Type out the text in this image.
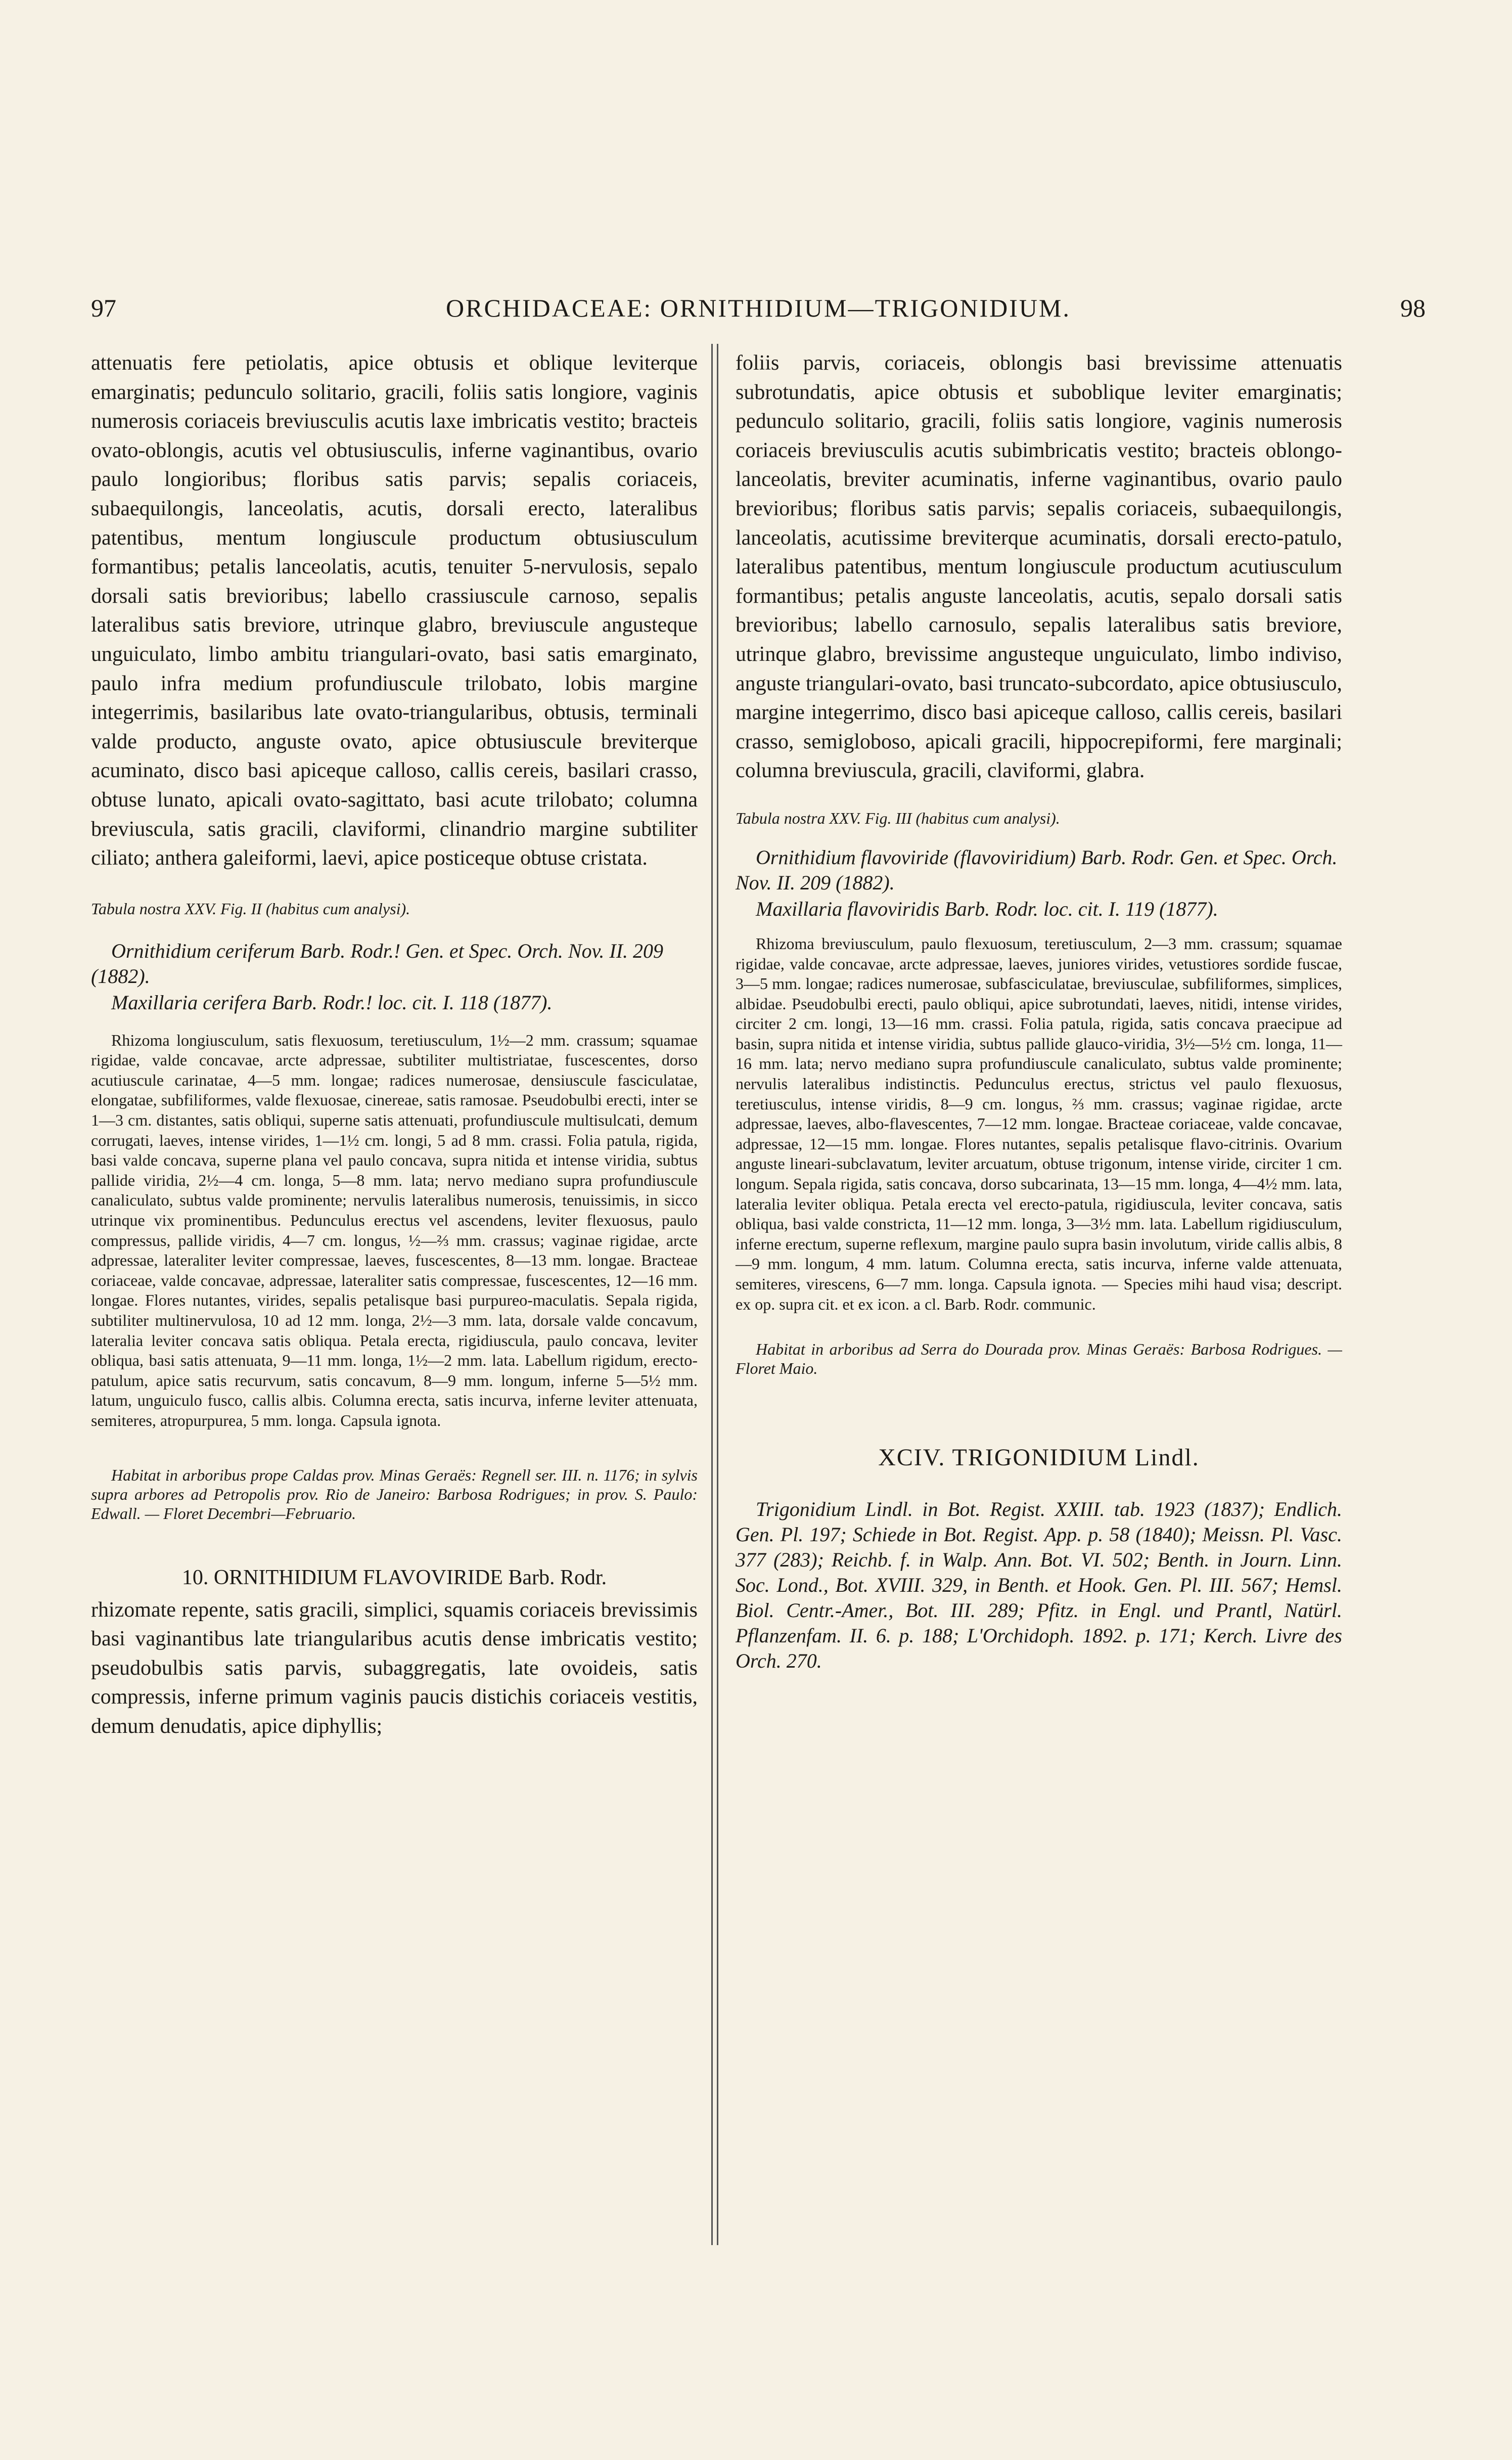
97	ORCHIDACEAE: ORNITHIDIUM—TRIGONIDIUM.	98

attenuatis fere petiolatis, apice obtusis et oblique leviterque emarginatis; pedunculo solitario, gracili, foliis satis longiore, vaginis numerosis coriaceis breviusculis acutis laxe imbricatis vestito; bracteis ovato-oblongis, acutis vel obtusiusculis, inferne vaginantibus, ovario paulo longioribus; floribus satis parvis; sepalis coriaceis, subaequilongis, lanceolatis, acutis, dorsali erecto, lateralibus patentibus, mentum longiuscule productum obtusiusculum formantibus; petalis lanceolatis, acutis, tenuiter 5-nervulosis, sepalo dorsali satis brevioribus; labello crassiuscule carnoso, sepalis lateralibus satis breviore, utrinque glabro, breviuscule angusteque unguiculato, limbo ambitu triangulari-ovato, basi satis emarginato, paulo infra medium profundiuscule trilobato, lobis margine integerrimis, basilaribus late ovato-triangularibus, obtusis, terminali valde producto, anguste ovato, apice obtusiuscule breviterque acuminato, disco basi apiceque calloso, callis cereis, basilari crasso, obtuse lunato, apicali ovato-sagittato, basi acute trilobato; columna breviuscula, satis gracili, claviformi, clinandrio margine subtiliter ciliato; anthera galeiformi, laevi, apice posticeque obtuse cristata.

Tabula nostra XXV. Fig. II (habitus cum analysi).

Ornithidium ceriferum Barb. Rodr.! Gen. et Spec. Orch. Nov. II. 209 (1882).

Maxillaria cerifera Barb. Rodr.! loc. cit. I. 118 (1877).

Rhizoma longiusculum, satis flexuosum, teretiusculum, 1½—2 mm. crassum; squamae rigidae, valde concavae, arcte adpressae, subtiliter multistriatae, fuscescentes, dorso acutiuscule carinatae, 4—5 mm. longae; radices numerosae, densiuscule fasciculatae, elongatae, subfiliformes, valde flexuosae, cinereae, satis ramosae. Pseudobulbi erecti, inter se 1—3 cm. distantes, satis obliqui, superne satis attenuati, profundiuscule multisulcati, demum corrugati, laeves, intense virides, 1—1½ cm. longi, 5 ad 8 mm. crassi. Folia patula, rigida, basi valde concava, superne plana vel paulo concava, supra nitida et intense viridia, subtus pallide viridia, 2½—4 cm. longa, 5—8 mm. lata; nervo mediano supra profundiuscule canaliculato, subtus valde prominente; nervulis lateralibus numerosis, tenuissimis, in sicco utrinque vix prominentibus. Pedunculus erectus vel ascendens, leviter flexuosus, paulo compressus, pallide viridis, 4—7 cm. longus, ½—⅔ mm. crassus; vaginae rigidae, arcte adpressae, lateraliter leviter compressae, laeves, fuscescentes, 8—13 mm. longae. Bracteae coriaceae, valde concavae, adpressae, lateraliter satis compressae, fuscescentes, 12—16 mm. longae. Flores nutantes, virides, sepalis petalisque basi purpureo-maculatis. Sepala rigida, subtiliter multinervulosa, 10 ad 12 mm. longa, 2½—3 mm. lata, dorsale valde concavum, lateralia leviter concava satis obliqua. Petala erecta, rigidiuscula, paulo concava, leviter obliqua, basi satis attenuata, 9—11 mm. longa, 1½—2 mm. lata. Labellum rigidum, erecto-patulum, apice satis recurvum, satis concavum, 8—9 mm. longum, inferne 5—5½ mm. latum, unguiculo fusco, callis albis. Columna erecta, satis incurva, inferne leviter attenuata, semiteres, atropurpurea, 5 mm. longa. Capsula ignota.

Habitat in arboribus prope Caldas prov. Minas Geraës: Regnell ser. III. n. 1176; in sylvis supra arbores ad Petropolis prov. Rio de Janeiro: Barbosa Rodrigues; in prov. S. Paulo: Edwall. — Floret Decembri—Februario.

10. ORNITHIDIUM FLAVOVIRIDE Barb. Rodr.

rhizomate repente, satis gracili, simplici, squamis coriaceis brevissimis basi vaginantibus late triangularibus acutis dense imbricatis vestito; pseudobulbis satis parvis, subaggregatis, late ovoideis, satis compressis, inferne primum vaginis paucis distichis coriaceis vestitis, demum denudatis, apice diphyllis;

foliis parvis, coriaceis, oblongis basi brevissime attenuatis subrotundatis, apice obtusis et suboblique leviter emarginatis; pedunculo solitario, gracili, foliis satis longiore, vaginis numerosis coriaceis breviusculis acutis subimbricatis vestito; bracteis oblongo-lanceolatis, breviter acuminatis, inferne vaginantibus, ovario paulo brevioribus; floribus satis parvis; sepalis coriaceis, subaequilongis, lanceolatis, acutissime breviterque acuminatis, dorsali erecto-patulo, lateralibus patentibus, mentum longiuscule productum acutiusculum formantibus; petalis anguste lanceolatis, acutis, sepalo dorsali satis brevioribus; labello carnosulo, sepalis lateralibus satis breviore, utrinque glabro, brevissime angusteque unguiculato, limbo indiviso, anguste triangulari-ovato, basi truncato-subcordato, apice obtusiusculo, margine integerrimo, disco basi apiceque calloso, callis cereis, basilari crasso, semigloboso, apicali gracili, hippocrepiformi, fere marginali; columna breviuscula, gracili, claviformi, glabra.

Tabula nostra XXV. Fig. III (habitus cum analysi).

Ornithidium flavoviride (flavoviridium) Barb. Rodr. Gen. et Spec. Orch. Nov. II. 209 (1882).

Maxillaria flavoviridis Barb. Rodr. loc. cit. I. 119 (1877).

Rhizoma breviusculum, paulo flexuosum, teretiusculum, 2—3 mm. crassum; squamae rigidae, valde concavae, arcte adpressae, laeves, juniores virides, vetustiores sordide fuscae, 3—5 mm. longae; radices numerosae, subfasciculatae, breviusculae, subfiliformes, simplices, albidae. Pseudobulbi erecti, paulo obliqui, apice subrotundati, laeves, nitidi, intense virides, circiter 2 cm. longi, 13—16 mm. crassi. Folia patula, rigida, satis concava praecipue ad basin, supra nitida et intense viridia, subtus pallide glauco-viridia, 3½—5½ cm. longa, 11—16 mm. lata; nervo mediano supra profundiuscule canaliculato, subtus valde prominente; nervulis lateralibus indistinctis. Pedunculus erectus, strictus vel paulo flexuosus, teretiusculus, intense viridis, 8—9 cm. longus, ⅔ mm. crassus; vaginae rigidae, arcte adpressae, laeves, albo-flavescentes, 7—12 mm. longae. Bracteae coriaceae, valde concavae, adpressae, 12—15 mm. longae. Flores nutantes, sepalis petalisque flavo-citrinis. Ovarium anguste lineari-subclavatum, leviter arcuatum, obtuse trigonum, intense viride, circiter 1 cm. longum. Sepala rigida, satis concava, dorso subcarinata, 13—15 mm. longa, 4—4½ mm. lata, lateralia leviter obliqua. Petala erecta vel erecto-patula, rigidiuscula, leviter concava, satis obliqua, basi valde constricta, 11—12 mm. longa, 3—3½ mm. lata. Labellum rigidiusculum, inferne erectum, superne reflexum, margine paulo supra basin involutum, viride callis albis, 8—9 mm. longum, 4 mm. latum. Columna erecta, satis incurva, inferne valde attenuata, semiteres, virescens, 6—7 mm. longa. Capsula ignota. — Species mihi haud visa; descript. ex op. supra cit. et ex icon. a cl. Barb. Rodr. communic.

Habitat in arboribus ad Serra do Dourada prov. Minas Geraës: Barbosa Rodrigues. — Floret Maio.

XCIV. TRIGONIDIUM Lindl.

Trigonidium Lindl. in Bot. Regist. XXIII. tab. 1923 (1837); Endlich. Gen. Pl. 197; Schiede in Bot. Regist. App. p. 58 (1840); Meissn. Pl. Vasc. 377 (283); Reichb. f. in Walp. Ann. Bot. VI. 502; Benth. in Journ. Linn. Soc. Lond., Bot. XVIII. 329, in Benth. et Hook. Gen. Pl. III. 567; Hemsl. Biol. Centr.-Amer., Bot. III. 289; Pfitz. in Engl. und Prantl, Natürl. Pflanzenfam. II. 6. p. 188; L'Orchidoph. 1892. p. 171; Kerch. Livre des Orch. 270.
